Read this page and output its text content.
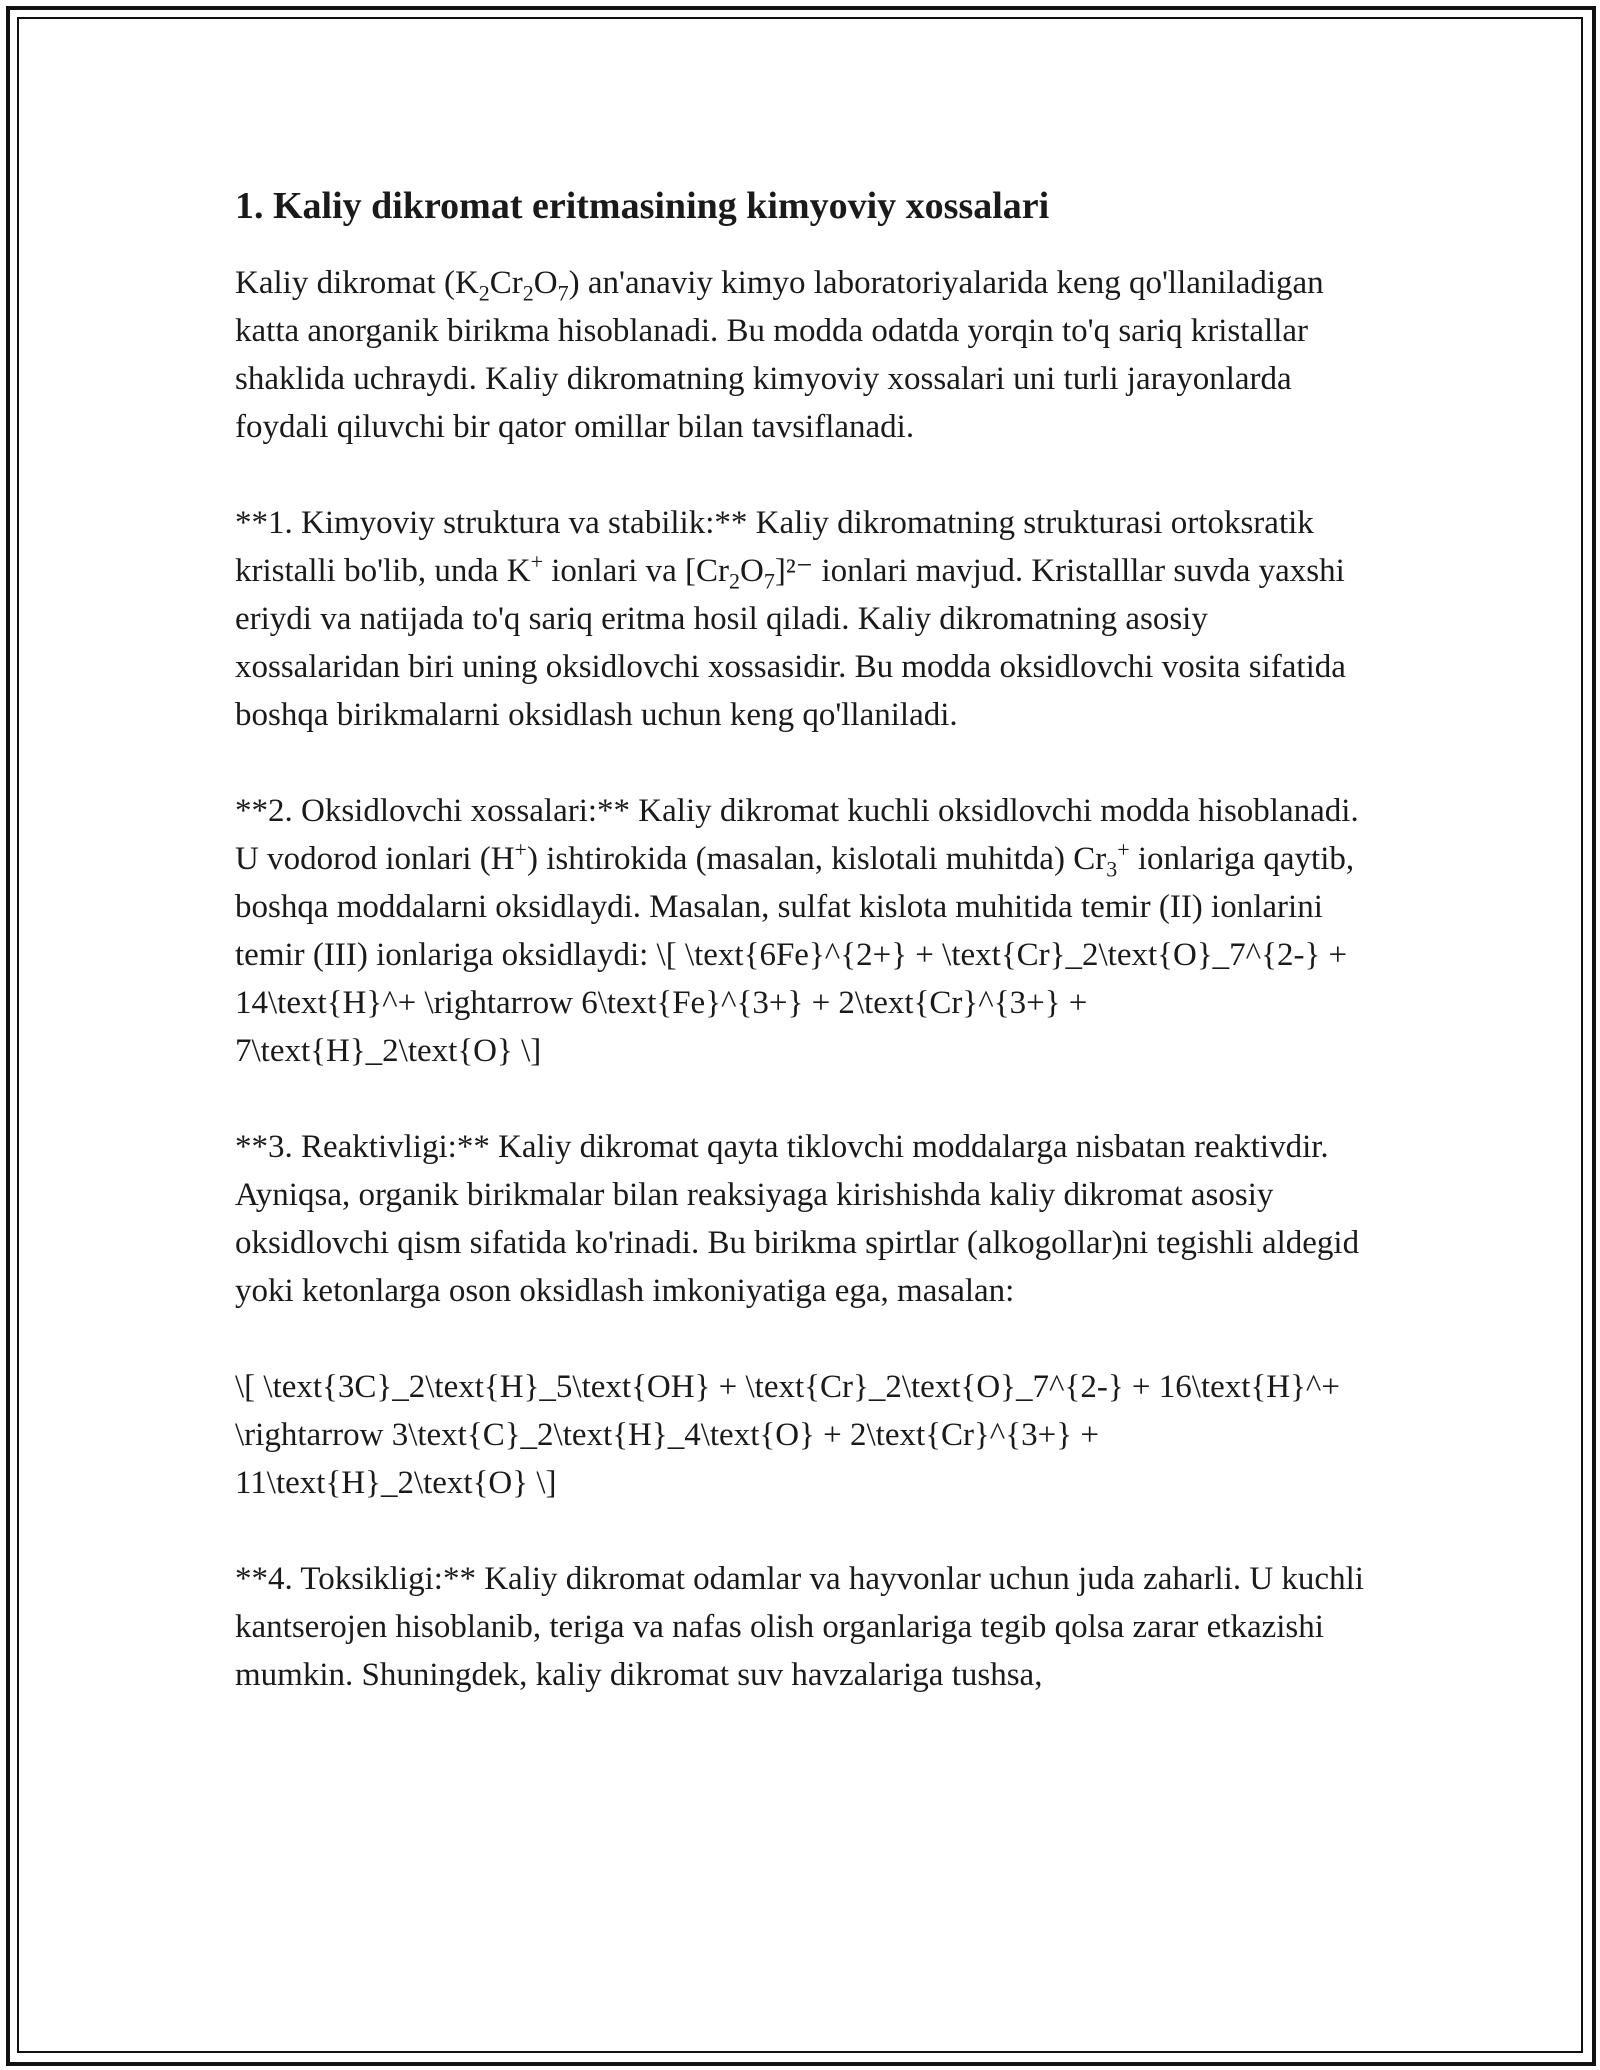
1. Kaliy dikromat eritmasining kimyoviy xossalari

Kaliy dikromat $(K_2Cr_2O_7)$ an'anaviy kimyo laboratoriyalarida keng qo'llaniladigan katta anorganik birikma hisoblanadi. Bu modda odatda yorqin to'q sariq kristallar shaklida uchraydi. Kaliy dikromatning kimyoviy xossalari uni turli jarayonlarda foydali qiluvchi bir qator omillar bilan tavsiflanadi.

**1. Kimyoviy struktura va stabilik:** Kaliy dikromatning strukturasi ortoksratik kristalli bo'lib, unda K+ ionlari va $[Cr_2O_7]^{2-}$ ionlari mavjud. Kristalllar suvda yaxshi eriydi va natijada to'q sariq eritma hosil qiladi. Kaliy dikromatning asosiy xossalaridan biri uning oksidlovchi xossasidir. Bu modda oksidlovchi vosita sifatida boshqa birikmalarni oksidlash uchun keng qo'llaniladi.

**2. Oksidlovchi xossalari:** Kaliy dikromat kuchli oksidlovchi modda hisoblanadi. U vodorod ionlari (H+) ishtirokida (masalan, kislotali muhitda) $Cr_3^+$ ionlariga qaytib, boshqa moddalarni oksidlaydi. Masalan, sulfat kislota muhitida temir (II) ionlarini temir (III) ionlariga oksidlaydi: \[ \text{6Fe}^{2+} + \text{Cr}_2\text{O}_7^{2-} + 14\text{H}^+ \rightarrow 6\text{Fe}^{3+} + 2\text{Cr}^{3+} + 7\text{H}_2\text{O} \]

**3. Reaktivligi:** Kaliy dikromat qayta tiklovchi moddalarga nisbatan reaktivdir. Ayniqsa, organik birikmalar bilan reaksiyaga kirishishda kaliy dikromat asosiy oksidlovchi qism sifatida ko'rinadi. Bu birikma spirtlar (alkogollar)ni tegishli aldegid yoki ketonlarga oson oksidlash imkoniyatiga ega, masalan:

\[ \text{3C}_2\text{H}_5\text{OH} + \text{Cr}_2\text{O}_7^{2-} + 16\text{H}^+ \rightarrow 3\text{C}_2\text{H}_4\text{O} + 2\text{Cr}^{3+} + 11\text{H}_2\text{O} \]

**4. Toksikligi:** Kaliy dikromat odamlar va hayvonlar uchun juda zaharli. U kuchli kantserojen hisoblanib, teriga va nafas olish organlariga tegib qolsa zarar etkazishi mumkin. Shuningdek, kaliy dikromat suv havzalariga tushsa,
